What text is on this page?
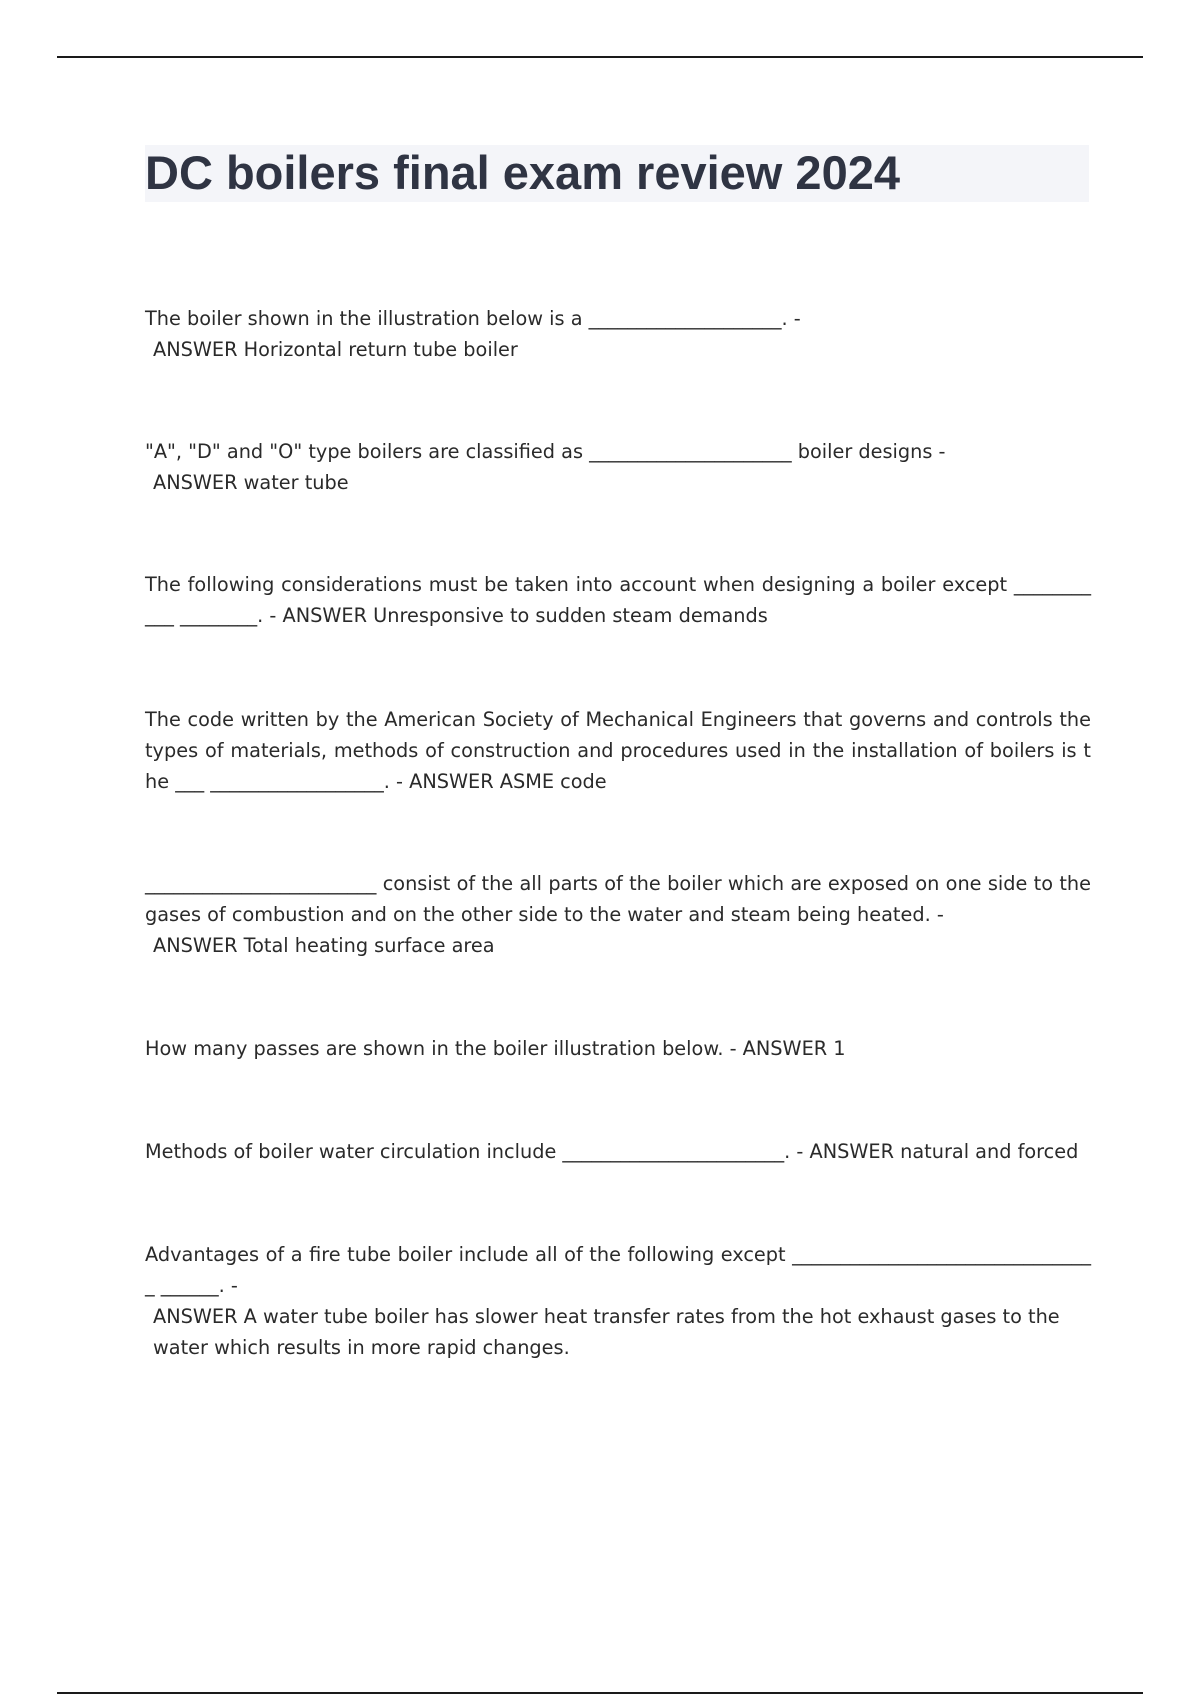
DC boilers final exam review 2024

The boiler shown in the illustration below is a ____________________. -

ANSWER Horizontal return tube boiler

"A", "D" and "O" type boilers are classified as _____________________ boiler designs -

ANSWER water tube

The following considerations must be taken into account when designing a boiler except ___________ ________. - ANSWER Unresponsive to sudden steam demands

The code written by the American Society of Mechanical Engineers that governs and controls the types of materials, methods of construction and procedures used in the installation of boilers is the ___ __________________. - ANSWER ASME code

________________________ consist of the all parts of the boiler which are exposed on one side to the gases of combustion and on the other side to the water and steam being heated. -

ANSWER Total heating surface area

How many passes are shown in the boiler illustration below. - ANSWER 1

Methods of boiler water circulation include _______________________. - ANSWER natural and forced

Advantages of a fire tube boiler include all of the following except ________________________________ ______. -

ANSWER A water tube boiler has slower heat transfer rates from the hot exhaust gases to the water which results in more rapid changes.
